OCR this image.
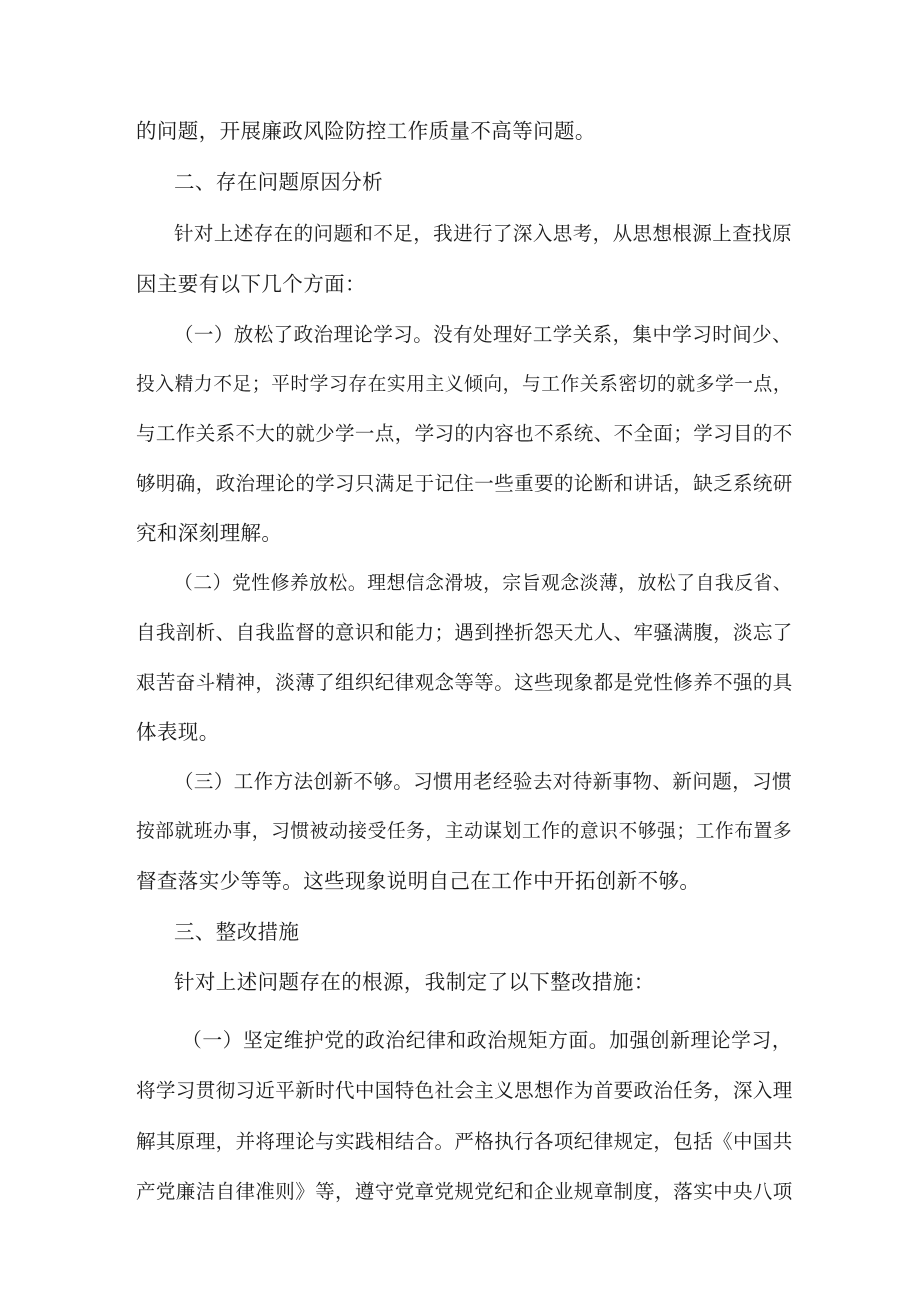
的问题，开展廉政风险防控工作质量不高等问题。
二、存在问题原因分析
针对上述存在的问题和不足，我进行了深入思考，从思想根源上查找原
因主要有以下几个方面：
（一）放松了政治理论学习。没有处理好工学关系，集中学习时间少、
投入精力不足；平时学习存在实用主义倾向，与工作关系密切的就多学一点，
与工作关系不大的就少学一点，学习的内容也不系统、不全面；学习目的不
够明确，政治理论的学习只满足于记住一些重要的论断和讲话，缺乏系统研
究和深刻理解。
（二）党性修养放松。理想信念滑坡，宗旨观念淡薄，放松了自我反省、
自我剖析、自我监督的意识和能力；遇到挫折怨天尤人、牢骚满腹，淡忘了
艰苦奋斗精神，淡薄了组织纪律观念等等。这些现象都是党性修养不强的具
体表现。
（三）工作方法创新不够。习惯用老经验去对待新事物、新问题，习惯
按部就班办事，习惯被动接受任务，主动谋划工作的意识不够强；工作布置多
督查落实少等等。这些现象说明自己在工作中开拓创新不够。
三、整改措施
针对上述问题存在的根源，我制定了以下整改措施：
（一）坚定维护党的政治纪律和政治规矩方面。加强创新理论学习，
将学习贯彻习近平新时代中国特色社会主义思想作为首要政治任务，深入理
解其原理，并将理论与实践相结合。严格执行各项纪律规定，包括《中国共
产党廉洁自律准则》等，遵守党章党规党纪和企业规章制度，落实中央八项
